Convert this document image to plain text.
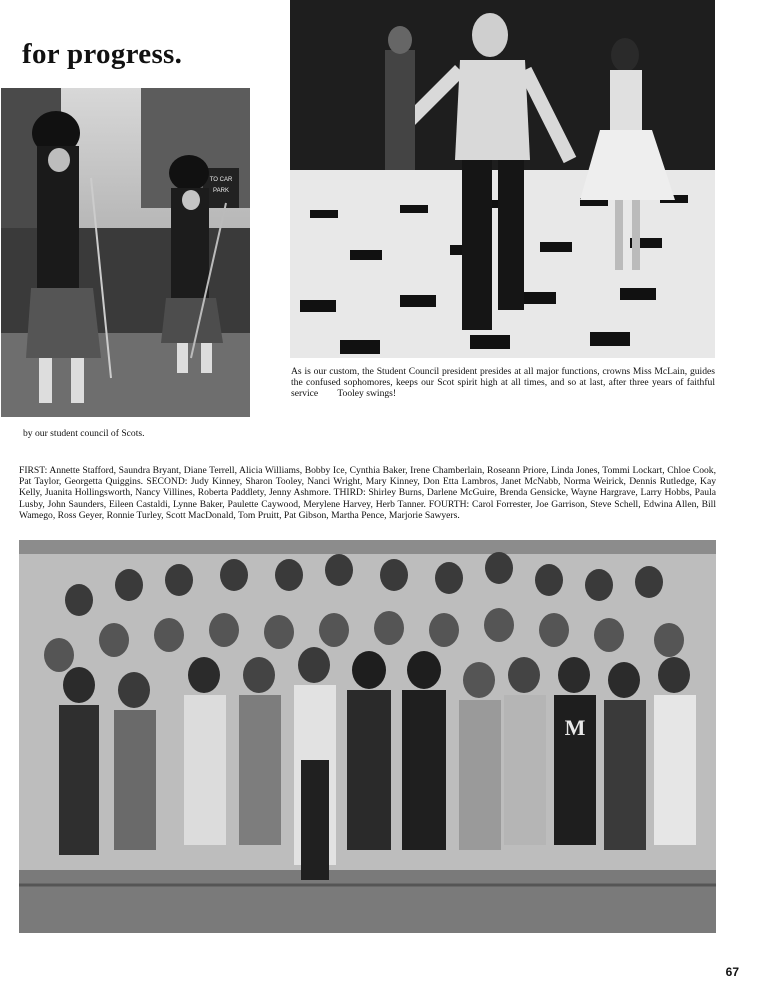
for progress.
TO CAR
PARK

As is our custom, the Student Council president presides at all major functions, crowns Miss McLain, guides the confused sophomores, keeps our Scot spirit high at all times, and so at last, after three years of faithful service  Tooley swings!

by our student council of Scots.

FIRST: Annette Stafford, Saundra Bryant, Diane Terrell, Alicia Williams, Bobby Ice, Cynthia Baker, Irene Chamberlain, Roseann Priore, Linda Jones, Tommi Lockart, Chloe Cook, Pat Taylor, Georgetta Quiggins. SECOND: Judy Kinney, Sharon Tooley, Nanci Wright, Mary Kinney, Don Etta Lambros, Janet McNabb, Norma Weirick, Dennis Rutledge, Kay Kelly, Juanita Hollingsworth, Nancy Villines, Roberta Paddlety, Jenny Ashmore. THIRD: Shirley Burns, Darlene McGuire, Brenda Gensicke, Wayne Hargrave, Larry Hobbs, Paula Lusby, John Saunders, Eileen Castaldi, Lynne Baker, Paulette Caywood, Merylene Harvey, Herb Tanner. FOURTH: Carol Forrester, Joe Garrison, Steve Schell, Edwina Allen, Bill Wamego, Ross Geyer, Ronnie Turley, Scott MacDonald, Tom Pruitt, Pat Gibson, Martha Pence, Marjorie Sawyers.

M
67
